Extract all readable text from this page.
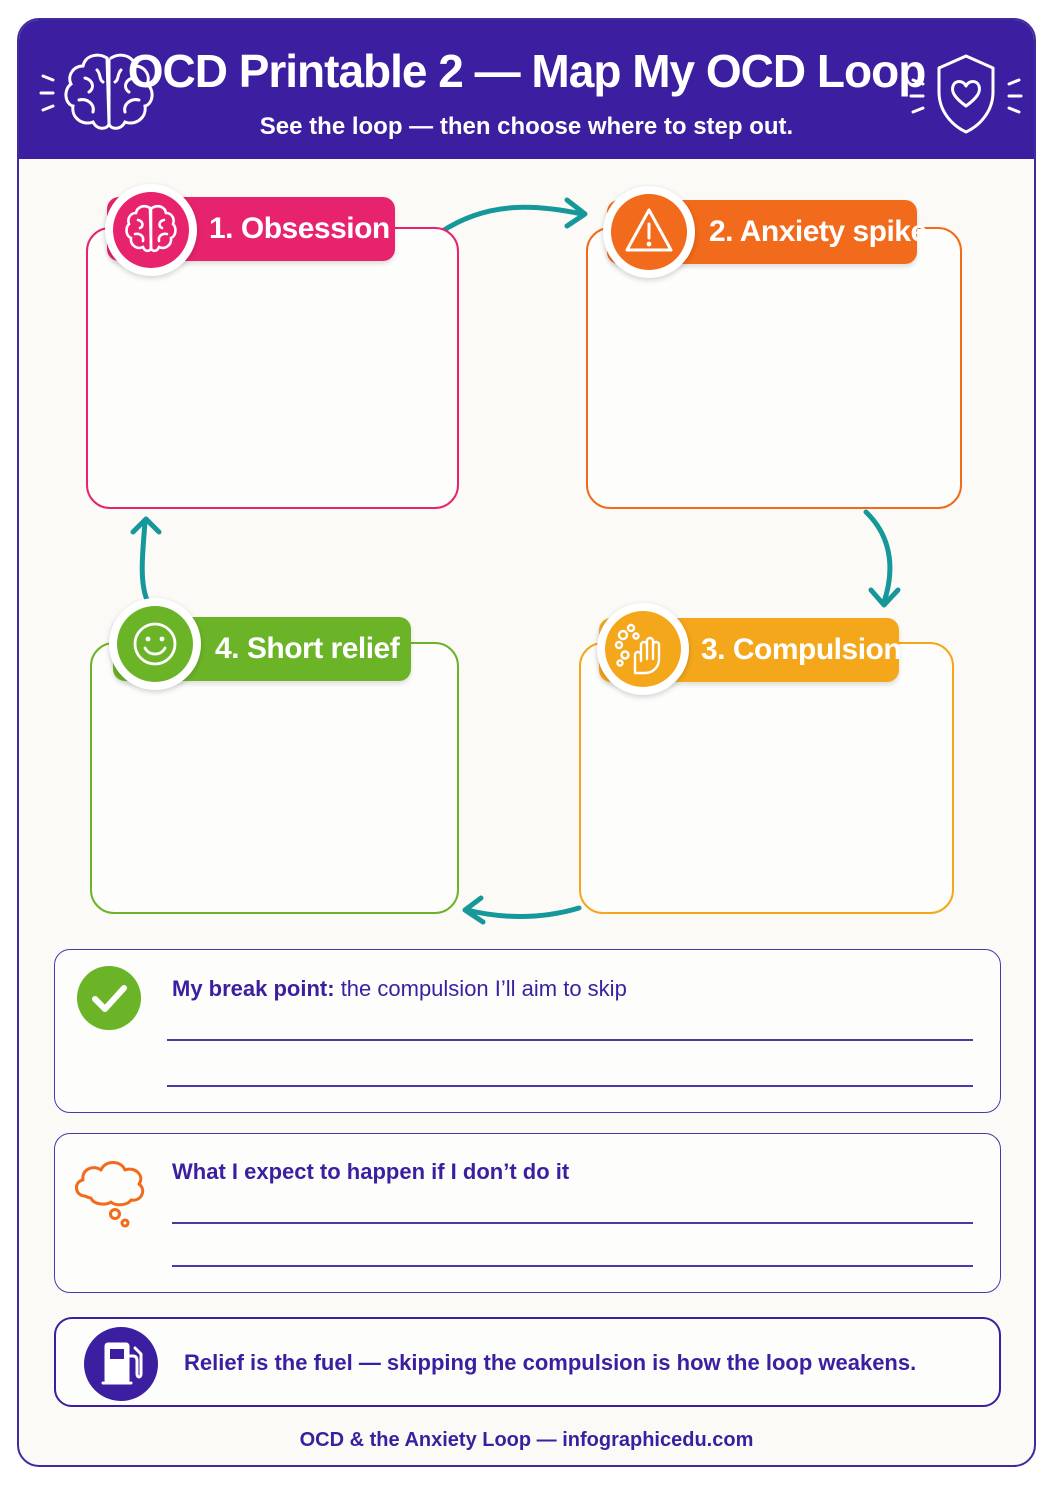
OCD Printable 2 — Map My OCD Loop
See the loop — then choose where to step out.
1. Obsession	2. Anxiety spike
3. Compulsion
4. Short relief
My break point: the compulsion I’ll aim to skip
What I expect to happen if I don’t do it
Relief is the fuel — skipping the compulsion is how the loop weakens.
OCD & the Anxiety Loop — infographicedu.com
